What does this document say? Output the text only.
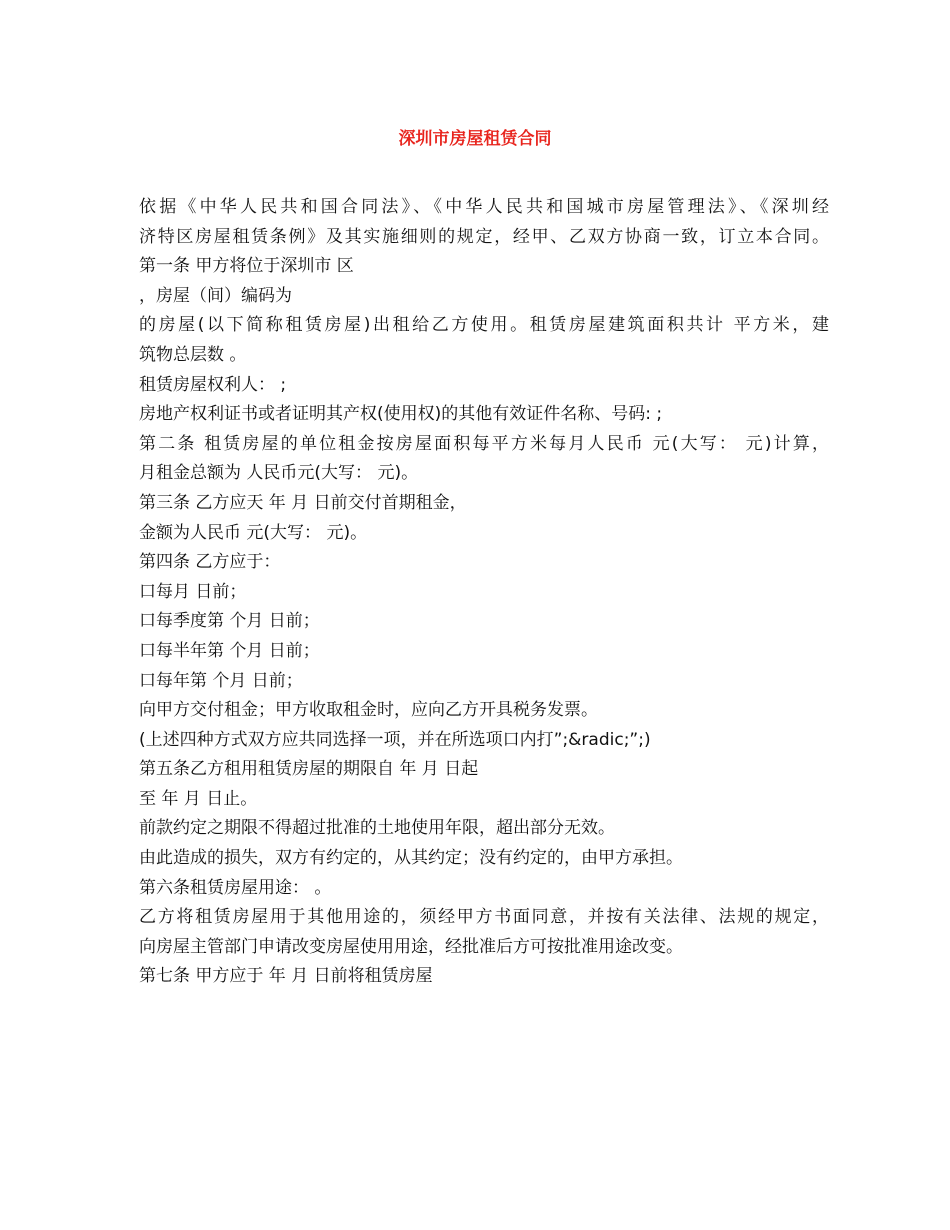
深圳市房屋租赁合同
依据《中华人民共和国合同法》、《中华人民共和国城市房屋管理法》、《深圳经
济特区房屋租赁条例》及其实施细则的规定，经甲、乙双方协商一致，订立本合同。
第一条 甲方将位于深圳市 区
，房屋（间）编码为
的房屋(以下简称租赁房屋)出租给乙方使用。租赁房屋建筑面积共计 平方米，建
筑物总层数 。
租赁房屋权利人： ;
房地产权利证书或者证明其产权(使用权)的其他有效证件名称、号码: ;
第二条 租赁房屋的单位租金按房屋面积每平方米每月人民币 元(大写： 元)计算，
月租金总额为 人民币元(大写： 元)。
第三条 乙方应天 年 月 日前交付首期租金，
金额为人民币 元(大写： 元)。
第四条 乙方应于：
口每月 日前；
口每季度第 个月 日前；
口每半年第 个月 日前；
口每年第 个月 日前；
向甲方交付租金；甲方收取租金时，应向乙方开具税务发票。
(上述四种方式双方应共同选择一项，并在所选项口内打”;&radic;”;)
第五条乙方租用租赁房屋的期限自 年 月 日起
至 年 月 日止。
前款约定之期限不得超过批准的土地使用年限，超出部分无效。
由此造成的损失，双方有约定的，从其约定；没有约定的，由甲方承担。
第六条租赁房屋用途： 。
乙方将租赁房屋用于其他用途的，须经甲方书面同意，并按有关法律、法规的规定，
向房屋主管部门申请改变房屋使用用途，经批准后方可按批准用途改变。
第七条 甲方应于 年 月 日前将租赁房屋
